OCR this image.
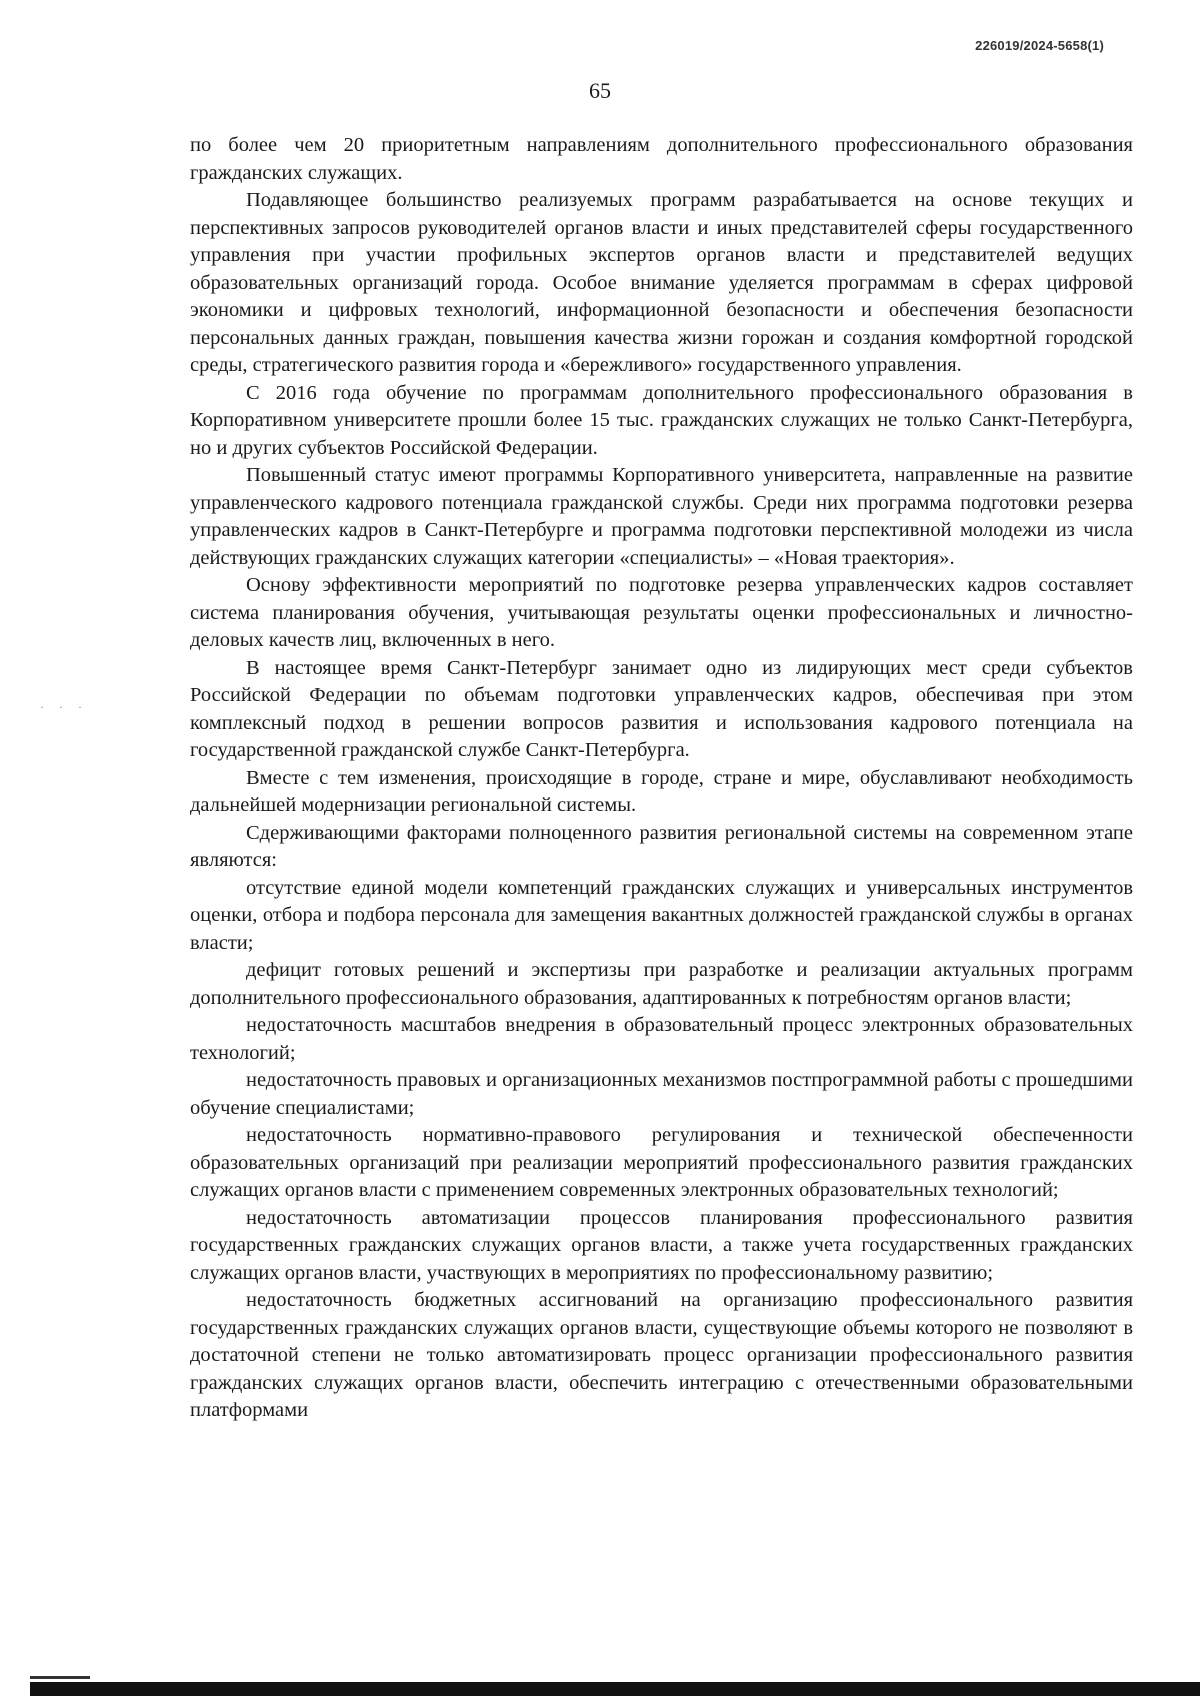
226019/2024-5658(1)
65

по более чем 20 приоритетным направлениям дополнительного профессионального образования гражданских служащих.

Подавляющее большинство реализуемых программ разрабатывается на основе текущих и перспективных запросов руководителей органов власти и иных представителей сферы государственного управления при участии профильных экспертов органов власти и представителей ведущих образовательных организаций города. Особое внимание уделяется программам в сферах цифровой экономики и цифровых технологий, информационной безопасности и обеспечения безопасности персональных данных граждан, повышения качества жизни горожан и создания комфортной городской среды, стратегического развития города и «бережливого» государственного управления.

С 2016 года обучение по программам дополнительного профессионального образования в Корпоративном университете прошли более 15 тыс. гражданских служащих не только Санкт-Петербурга, но и других субъектов Российской Федерации.

Повышенный статус имеют программы Корпоративного университета, направленные на развитие управленческого кадрового потенциала гражданской службы. Среди них программа подготовки резерва управленческих кадров в Санкт-Петербурге и программа подготовки перспективной молодежи из числа действующих гражданских служащих категории «специалисты» – «Новая траектория».

Основу эффективности мероприятий по подготовке резерва управленческих кадров составляет система планирования обучения, учитывающая результаты оценки профессиональных и личностно-деловых качеств лиц, включенных в него.

В настоящее время Санкт-Петербург занимает одно из лидирующих мест среди субъектов Российской Федерации по объемам подготовки управленческих кадров, обеспечивая при этом комплексный подход в решении вопросов развития и использования кадрового потенциала на государственной гражданской службе Санкт-Петербурга.

Вместе с тем изменения, происходящие в городе, стране и мире, обуславливают необходимость дальнейшей модернизации региональной системы.

Сдерживающими факторами полноценного развития региональной системы на современном этапе являются:

отсутствие единой модели компетенций гражданских служащих и универсальных инструментов оценки, отбора и подбора персонала для замещения вакантных должностей гражданской службы в органах власти;

дефицит готовых решений и экспертизы при разработке и реализации актуальных программ дополнительного профессионального образования, адаптированных к потребностям органов власти;

недостаточность масштабов внедрения в образовательный процесс электронных образовательных технологий;

недостаточность правовых и организационных механизмов постпрограммной работы с прошедшими обучение специалистами;

недостаточность нормативно-правового регулирования и технической обеспеченности образовательных организаций при реализации мероприятий профессионального развития гражданских служащих органов власти с применением современных электронных образовательных технологий;

недостаточность автоматизации процессов планирования профессионального развития государственных гражданских служащих органов власти, а также учета государственных гражданских служащих органов власти, участвующих в мероприятиях по профессиональному развитию;

недостаточность бюджетных ассигнований на организацию профессионального развития государственных гражданских служащих органов власти, существующие объемы которого не позволяют в достаточной степени не только автоматизировать процесс организации профессионального развития гражданских служащих органов власти, обеспечить интеграцию с отечественными образовательными платформами

· · ·
